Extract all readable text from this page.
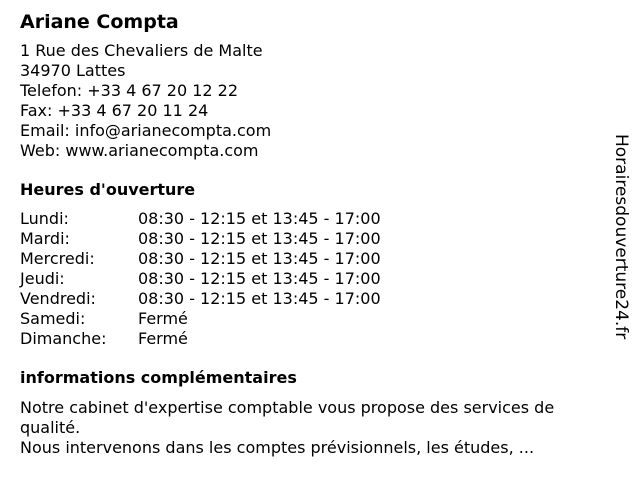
Ariane Compta
1 Rue des Chevaliers de Malte
34970 Lattes
Telefon: +33 4 67 20 12 22
Fax: +33 4 67 20 11 24
Email: info@arianecompta.com
Web: www.arianecompta.com
Heures d'ouverture
Lundi:	08:30 - 12:15 et 13:45 - 17:00
Mardi:	08:30 - 12:15 et 13:45 - 17:00
Mercredi:	08:30 - 12:15 et 13:45 - 17:00
Jeudi:	08:30 - 12:15 et 13:45 - 17:00
Vendredi:	08:30 - 12:15 et 13:45 - 17:00
Samedi:	Fermé
Dimanche:	Fermé
informations complémentaires
Notre cabinet d'expertise comptable vous propose des services de qualité.
Nous intervenons dans les comptes prévisionnels, les études, ...
Horairesdouverture24.fr
